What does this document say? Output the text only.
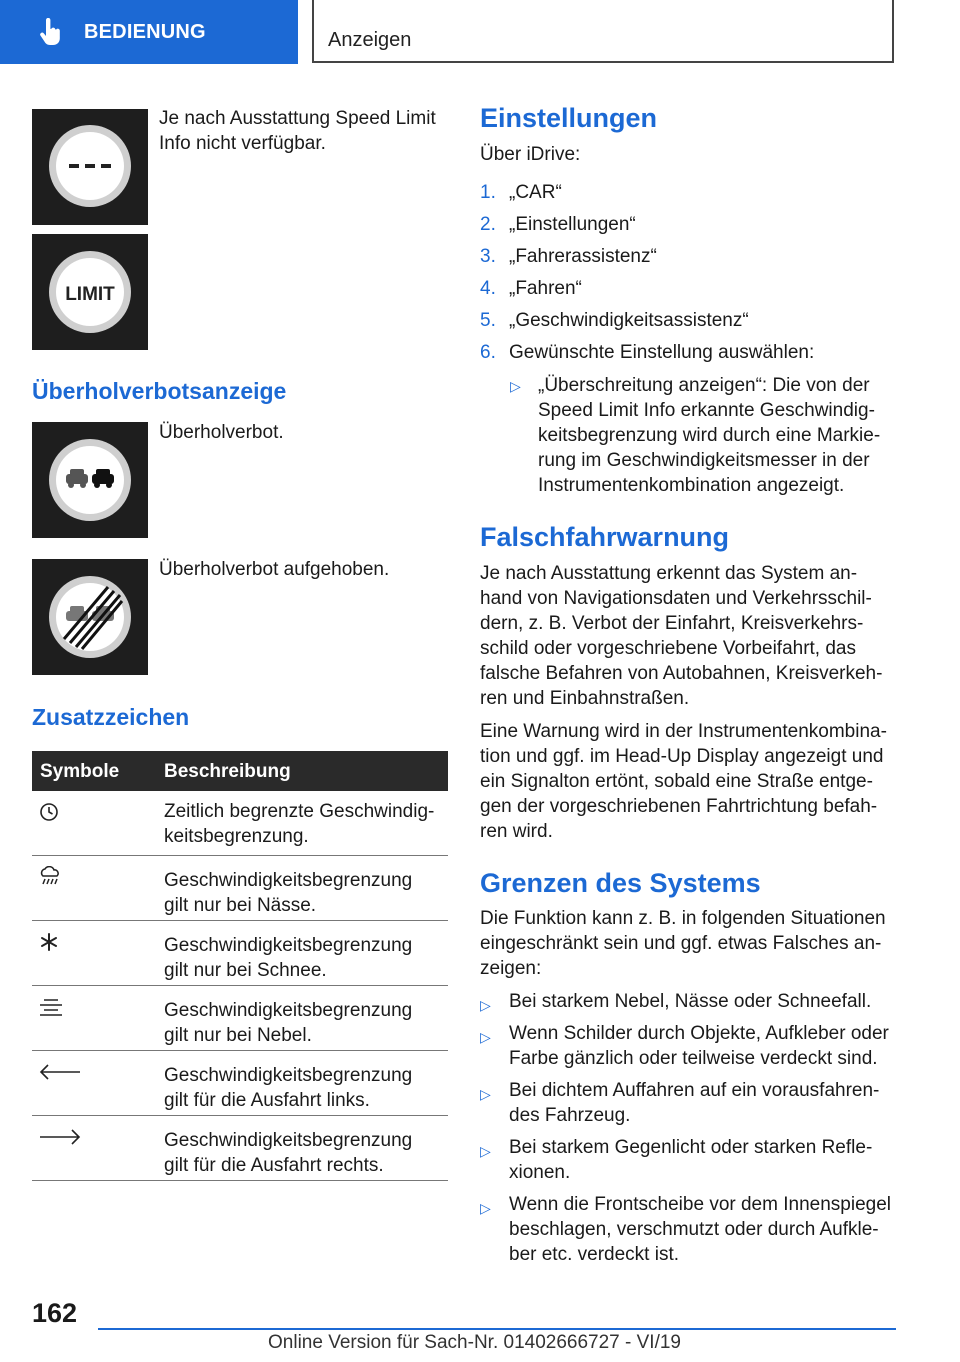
BEDIENUNG	Anzeigen
Je nach Ausstattung Speed Limit
Info nicht verfügbar.
LIMIT
Überholverbotsanzeige
Überholverbot.
Überholverbot aufgehoben.
Zusatzzeichen
Symbole Beschreibung
Zeitlich begrenzte Geschwindig-
keitsbegrenzung.
Geschwindigkeitsbegrenzung
gilt nur bei Nässe.
Geschwindigkeitsbegrenzung
gilt nur bei Schnee.
Geschwindigkeitsbegrenzung
gilt nur bei Nebel.
Geschwindigkeitsbegrenzung
gilt für die Ausfahrt links.
Geschwindigkeitsbegrenzung
gilt für die Ausfahrt rechts.
Einstellungen
Über iDrive:
1. „CAR“
2. „Einstellungen“
3. „Fahrerassistenz“
4. „Fahren“
5. „Geschwindigkeitsassistenz“
6. Gewünschte Einstellung auswählen:
▷ „Überschreitung anzeigen“: Die von der
Speed Limit Info erkannte Geschwindig-
keitsbegrenzung wird durch eine Markie-
rung im Geschwindigkeitsmesser in der
Instrumentenkombination angezeigt.
Falschfahrwarnung
Je nach Ausstattung erkennt das System an-
hand von Navigationsdaten und Verkehrsschil-
dern, z. B. Verbot der Einfahrt, Kreisverkehrs-
schild oder vorgeschriebene Vorbeifahrt, das
falsche Befahren von Autobahnen, Kreisverkeh-
ren und Einbahnstraßen.
Eine Warnung wird in der Instrumentenkombina-
tion und ggf. im Head-Up Display angezeigt und
ein Signalton ertönt, sobald eine Straße entge-
gen der vorgeschriebenen Fahrtrichtung befah-
ren wird.
Grenzen des Systems
Die Funktion kann z. B. in folgenden Situationen
eingeschränkt sein und ggf. etwas Falsches an-
zeigen:
▷ Bei starkem Nebel, Nässe oder Schneefall.
▷ Wenn Schilder durch Objekte, Aufkleber oder
Farbe gänzlich oder teilweise verdeckt sind.
▷ Bei dichtem Auffahren auf ein vorausfahren-
des Fahrzeug.
▷ Bei starkem Gegenlicht oder starken Refle-
xionen.
▷ Wenn die Frontscheibe vor dem Innenspiegel
beschlagen, verschmutzt oder durch Aufkle-
ber etc. verdeckt ist.
162
Online Version für Sach-Nr. 01402666727 - VI/19
